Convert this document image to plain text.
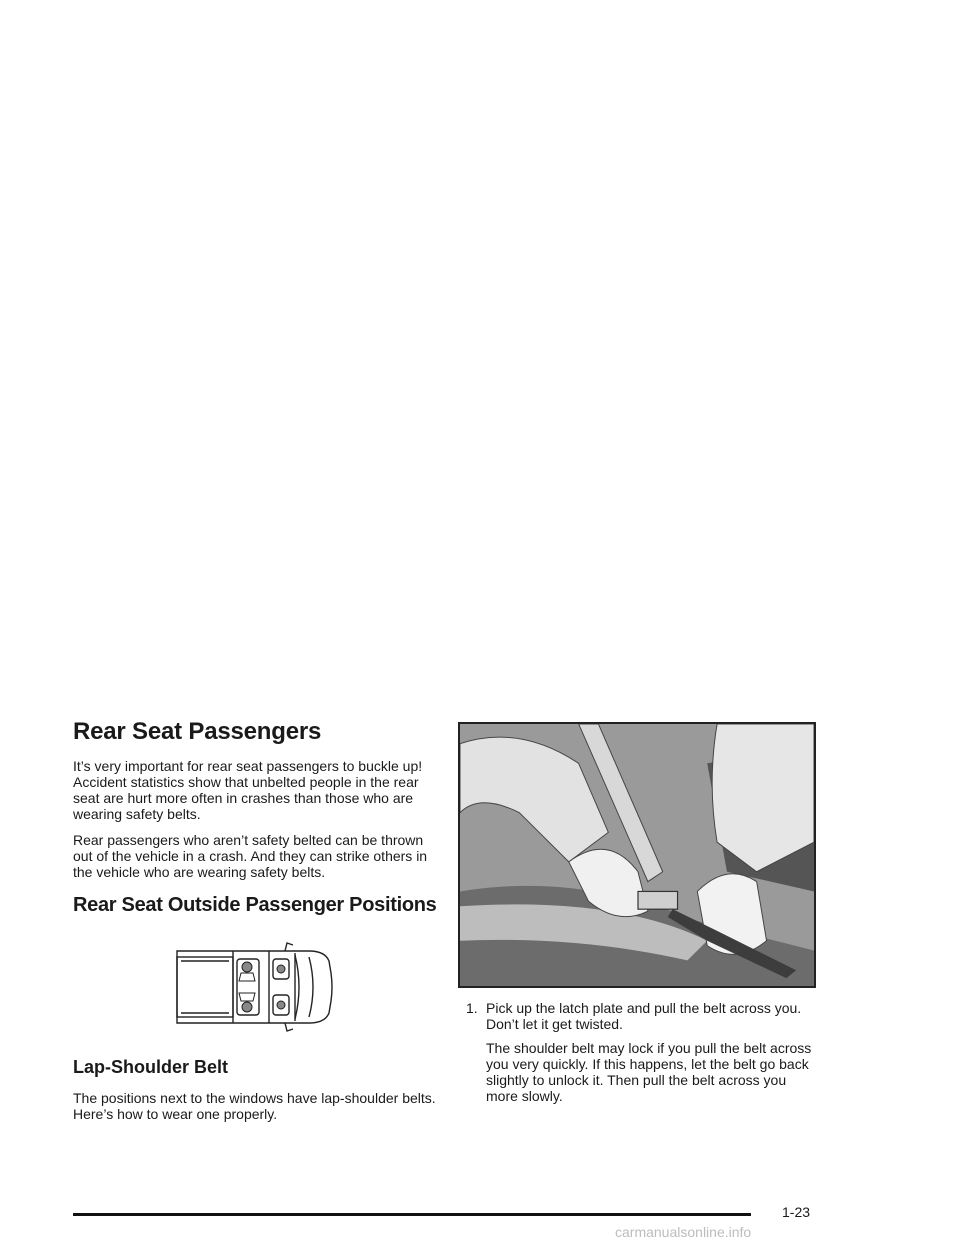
Rear Seat Passengers

It’s very important for rear seat passengers to buckle up! Accident statistics show that unbelted people in the rear seat are hurt more often in crashes than those who are wearing safety belts.

Rear passengers who aren’t safety belted can be thrown out of the vehicle in a crash. And they can strike others in the vehicle who are wearing safety belts.

Rear Seat Outside Passenger Positions
Lap-Shoulder Belt

The positions next to the windows have lap-shoulder belts. Here’s how to wear one properly.

1. Pick up the latch plate and pull the belt across you. Don’t let it get twisted.

The shoulder belt may lock if you pull the belt across you very quickly. If this happens, let the belt go back slightly to unlock it. Then pull the belt across you more slowly.

1-23
carmanualsonline.info
